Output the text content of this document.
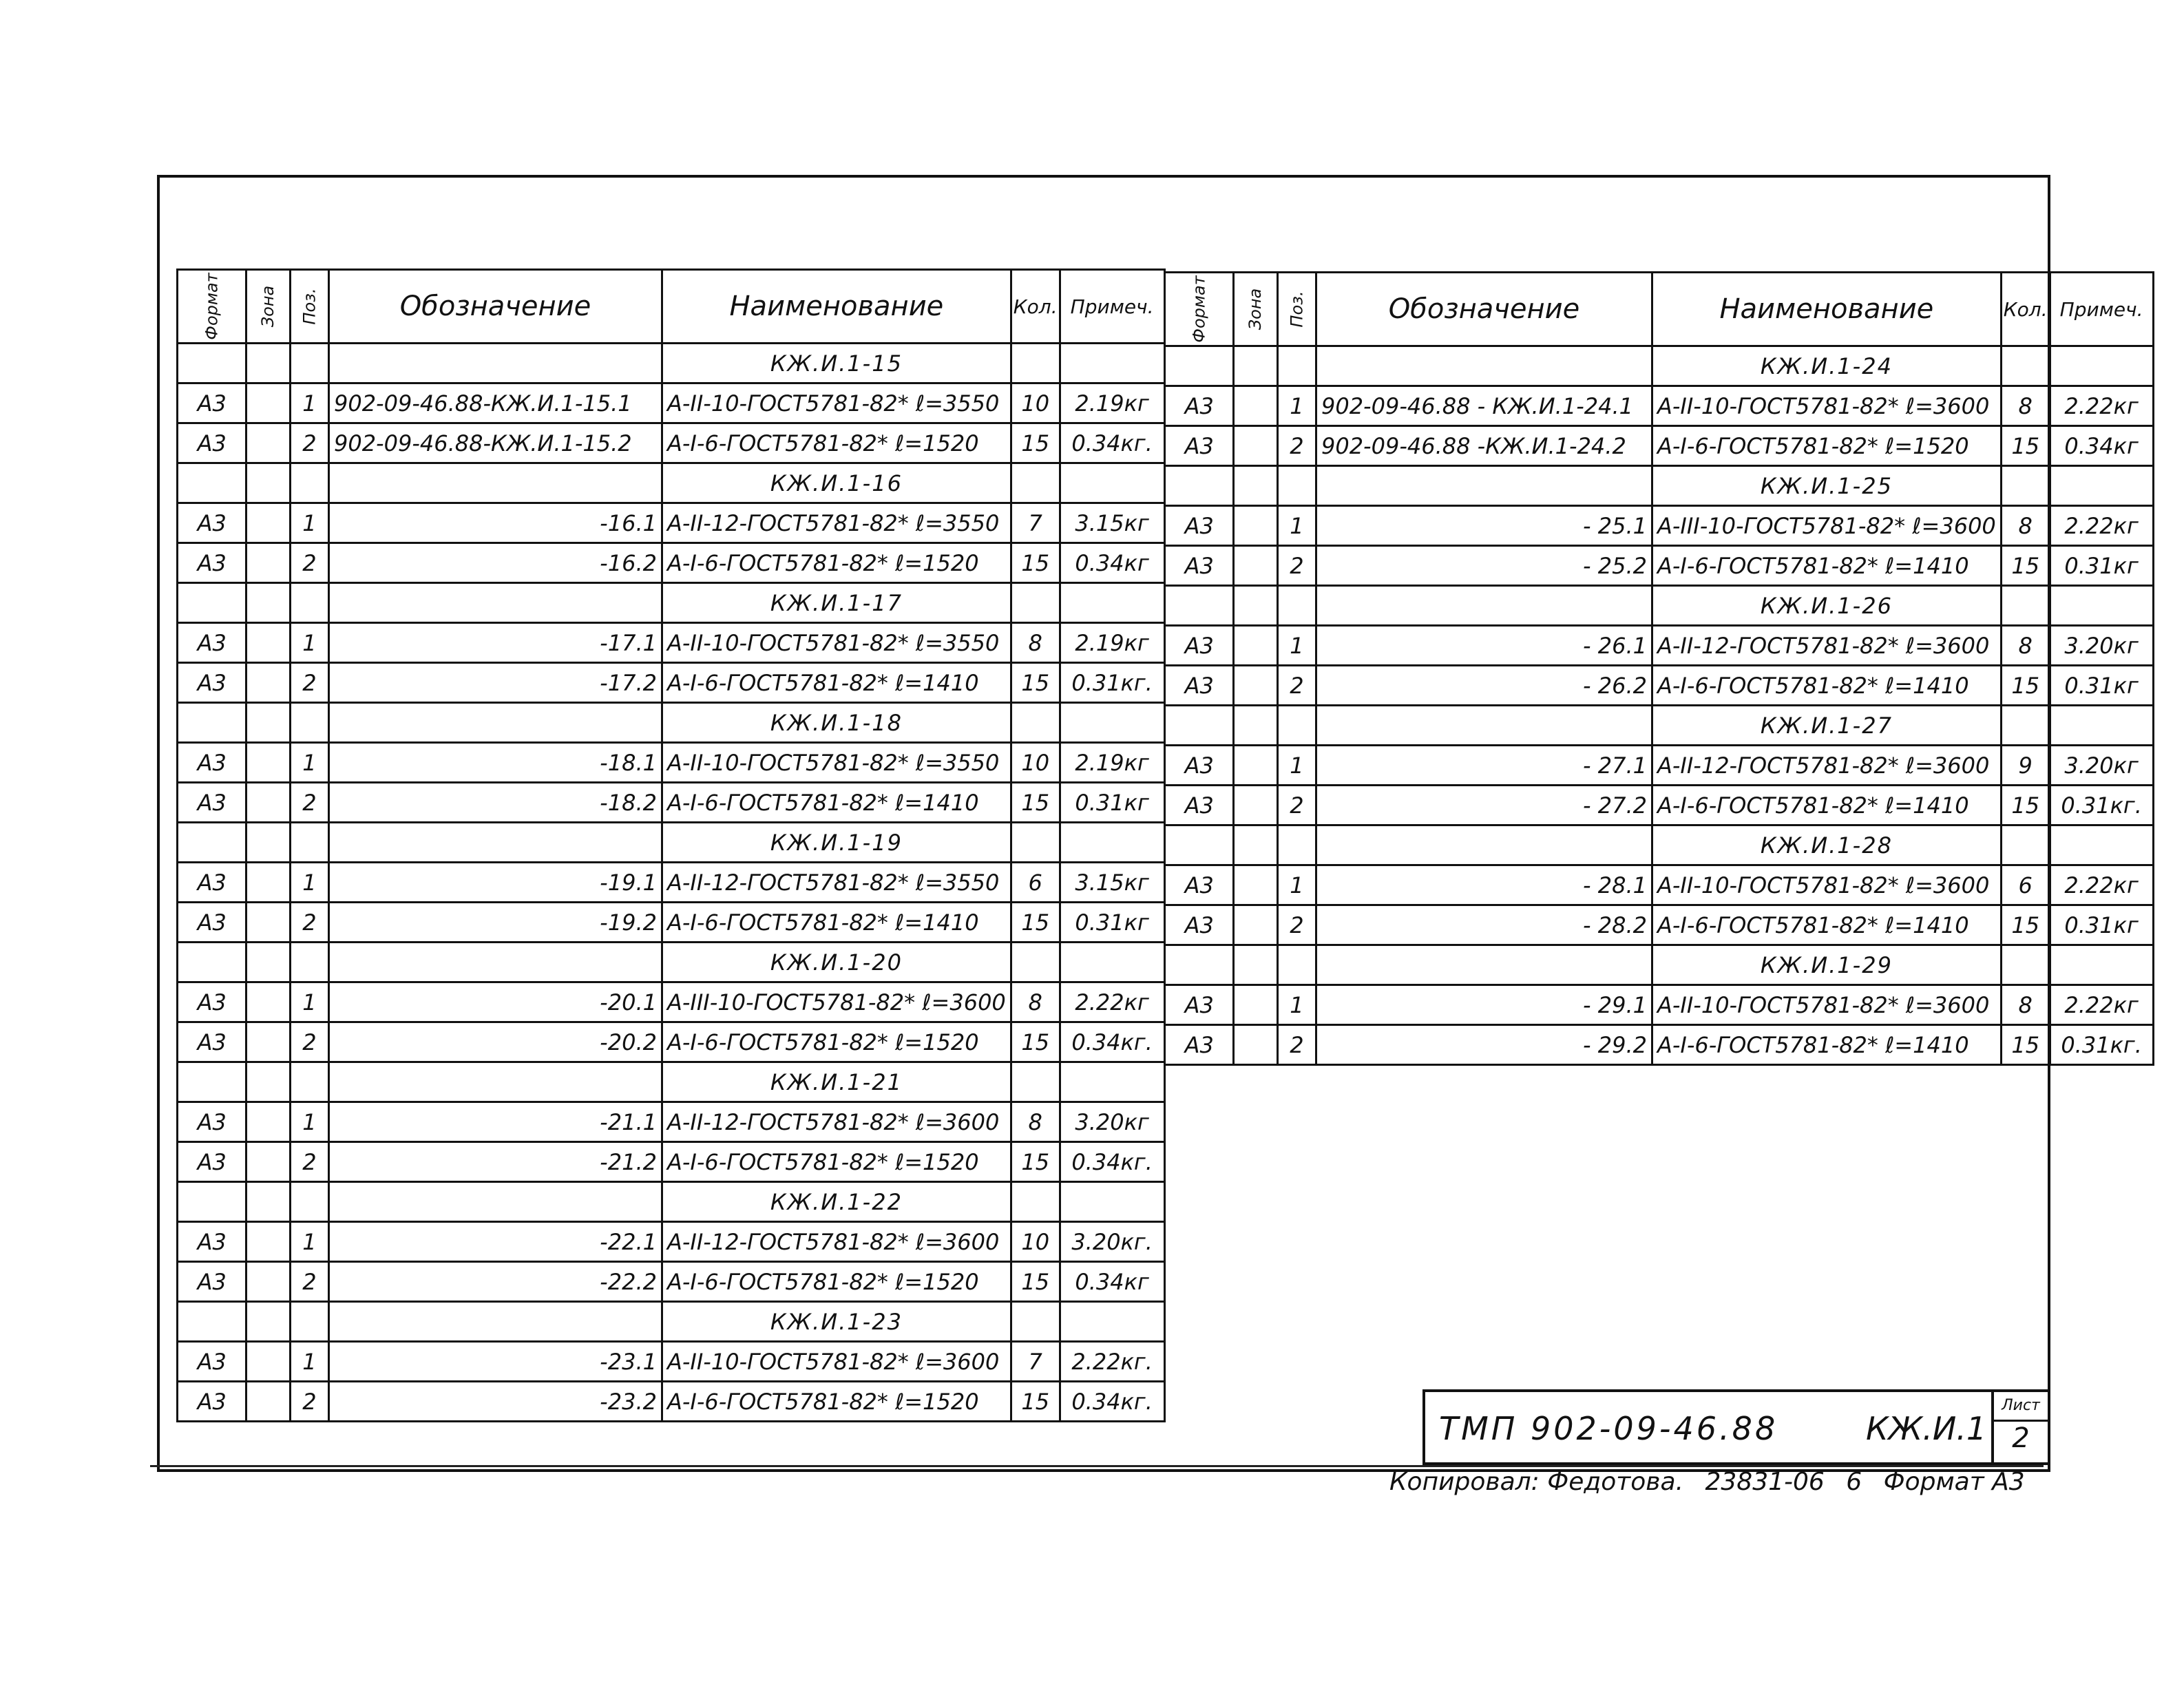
Формат	Зона	Поз.	Обозначение	Наименование	Кол.	Примеч.
				КЖ.И.1-15		
А3		1	902-09-46.88-КЖ.И.1-15.1	А-II-10-ГОСТ5781-82* ℓ=3550	10	2.19кг
А3		2	902-09-46.88-КЖ.И.1-15.2	А-I-6-ГОСТ5781-82* ℓ=1520	15	0.34кг.
				КЖ.И.1-16		
А3		1	-16.1	А-II-12-ГОСТ5781-82* ℓ=3550	7	3.15кг
А3		2	-16.2	А-I-6-ГОСТ5781-82* ℓ=1520	15	0.34кг
				КЖ.И.1-17		
А3		1	-17.1	А-II-10-ГОСТ5781-82* ℓ=3550	8	2.19кг
А3		2	-17.2	А-I-6-ГОСТ5781-82* ℓ=1410	15	0.31кг.
				КЖ.И.1-18		
А3		1	-18.1	А-II-10-ГОСТ5781-82* ℓ=3550	10	2.19кг
А3		2	-18.2	А-I-6-ГОСТ5781-82* ℓ=1410	15	0.31кг
				КЖ.И.1-19		
А3		1	-19.1	А-II-12-ГОСТ5781-82* ℓ=3550	6	3.15кг
А3		2	-19.2	А-I-6-ГОСТ5781-82* ℓ=1410	15	0.31кг
				КЖ.И.1-20		
А3		1	-20.1	А-III-10-ГОСТ5781-82* ℓ=3600	8	2.22кг
А3		2	-20.2	А-I-6-ГОСТ5781-82* ℓ=1520	15	0.34кг.
				КЖ.И.1-21		
А3		1	-21.1	А-II-12-ГОСТ5781-82* ℓ=3600	8	3.20кг
А3		2	-21.2	А-I-6-ГОСТ5781-82* ℓ=1520	15	0.34кг.
				КЖ.И.1-22		
А3		1	-22.1	А-II-12-ГОСТ5781-82* ℓ=3600	10	3.20кг.
А3		2	-22.2	А-I-6-ГОСТ5781-82* ℓ=1520	15	0.34кг
				КЖ.И.1-23		
А3		1	-23.1	А-II-10-ГОСТ5781-82* ℓ=3600	7	2.22кг.
А3		2	-23.2	А-I-6-ГОСТ5781-82* ℓ=1520	15	0.34кг.
Формат	Зона	Поз.	Обозначение	Наименование	Кол.	Примеч.
				КЖ.И.1-24		
А3		1	902-09-46.88 - КЖ.И.1-24.1	А-II-10-ГОСТ5781-82* ℓ=3600	8	2.22кг
А3		2	902-09-46.88 -КЖ.И.1-24.2	А-I-6-ГОСТ5781-82* ℓ=1520	15	0.34кг
				КЖ.И.1-25		
А3		1	- 25.1	А-III-10-ГОСТ5781-82* ℓ=3600	8	2.22кг
А3		2	- 25.2	А-I-6-ГОСТ5781-82* ℓ=1410	15	0.31кг
				КЖ.И.1-26		
А3		1	- 26.1	А-II-12-ГОСТ5781-82* ℓ=3600	8	3.20кг
А3		2	- 26.2	А-I-6-ГОСТ5781-82* ℓ=1410	15	0.31кг
				КЖ.И.1-27		
А3		1	- 27.1	А-II-12-ГОСТ5781-82* ℓ=3600	9	3.20кг
А3		2	- 27.2	А-I-6-ГОСТ5781-82* ℓ=1410	15	0.31кг.
				КЖ.И.1-28		
А3		1	- 28.1	А-II-10-ГОСТ5781-82* ℓ=3600	6	2.22кг
А3		2	- 28.2	А-I-6-ГОСТ5781-82* ℓ=1410	15	0.31кг
				КЖ.И.1-29		
А3		1	- 29.1	А-II-10-ГОСТ5781-82* ℓ=3600	8	2.22кг
А3		2	- 29.2	А-I-6-ГОСТ5781-82* ℓ=1410	15	0.31кг.
ТМП 902-09-46.88	КЖ.И.1
Лист
2
Копировал: Федотова. 23831-06 6 Формат А3
